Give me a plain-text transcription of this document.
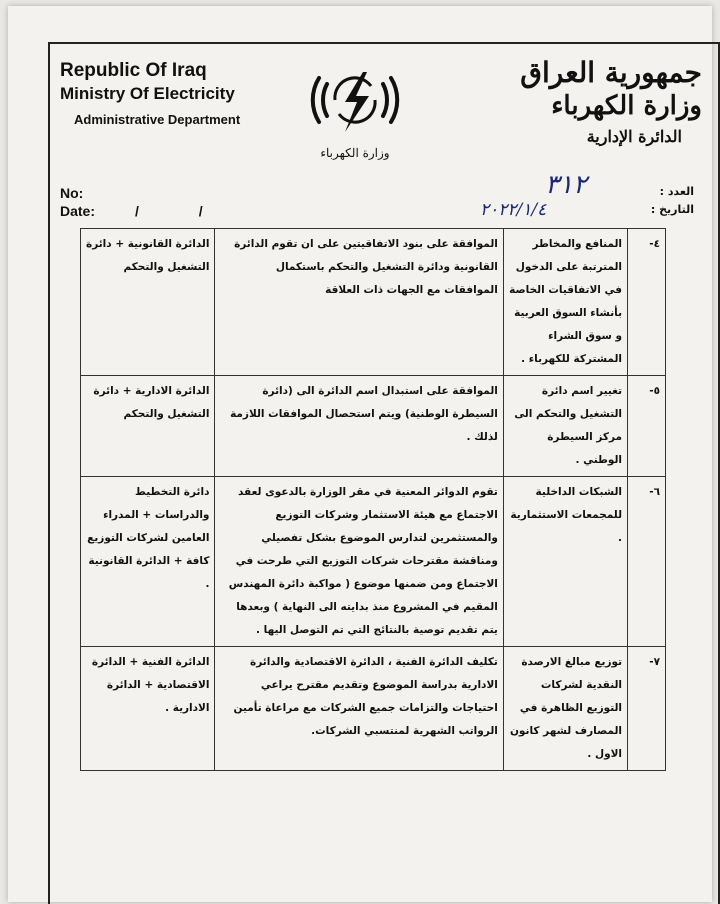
Republic Of Iraq
Ministry Of Electricity
Administrative Department
وزارة الكهرباء
جمهورية العراق
وزارة الكهرباء
الدائرة الإدارية
No:
Date:	/ /
العدد :
التاريخ :
٣١٢
٢٠٢٢/١/٤
٤-	المنافع والمخاطر المترتبة على الدخول في الاتفاقيات الخاصة بأنشاء السوق العربية و سوق الشراء المشتركة للكهرباء .	الموافقة على بنود الاتفاقيتين على ان تقوم الدائرة القانونية ودائرة التشغيل والتحكم باستكمال الموافقات مع الجهات ذات العلاقة	الدائرة القانونية + دائرة التشغيل والتحكم
٥-	تغيير اسم دائرة التشغيل والتحكم الى مركز السيطرة الوطني .	الموافقة على استبدال اسم الدائرة الى (دائرة السيطرة الوطنية) ويتم استحصال الموافقات اللازمة لذلك .	الدائرة الادارية + دائرة التشغيل والتحكم
٦-	الشبكات الداخلية للمجمعات الاستثمارية .	تقوم الدوائر المعنية في مقر الوزارة بالدعوى لعقد الاجتماع مع هيئة الاستثمار وشركات التوزيع والمستثمرين لتدارس الموضوع بشكل تفصيلي ومناقشة مقترحات شركات التوزيع التي طرحت في الاجتماع ومن ضمنها موضوع ( مواكبة دائرة المهندس المقيم في المشروع منذ بدايته الى النهاية ) وبعدها يتم تقديم توصية بالنتائج التي تم التوصل اليها .	دائرة التخطيط والدراسات + المدراء العامين لشركات التوزيع كافة + الدائرة القانونية .
٧-	توزيع مبالغ الارصدة النقدية لشركات التوزيع الظاهرة في المصارف لشهر كانون الاول .	تكليف الدائرة الفنية ، الدائرة الاقتصادية والدائرة الادارية بدراسة الموضوع وتقديم مقترح يراعي احتياجات والتزامات جميع الشركات مع مراعاة تأمين الرواتب الشهرية لمنتسبي الشركات.	الدائرة الفنية + الدائرة الاقتصادية + الدائرة الادارية .
